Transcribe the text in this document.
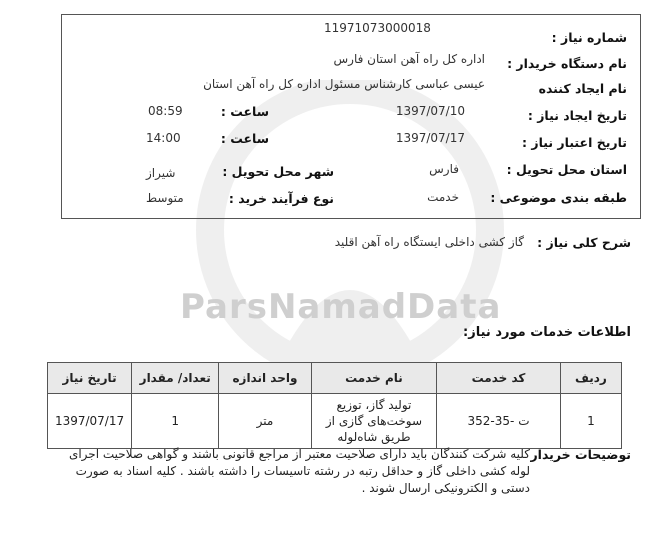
ParsNamadData
شماره نیاز :
11971073000018
نام دستگاه خریدار :
اداره کل راه آهن استان فارس
نام ایجاد کننده
عیسی عباسی کارشناس مسئول اداره کل راه آهن استان
تاریخ ایجاد نیاز :
1397/07/10
ساعت :
08:59
تاریخ اعتبار نیاز :
1397/07/17
ساعت :
14:00
استان محل تحویل :
فارس
شهر محل تحویل :
شیراز
طبقه بندی موضوعی :
خدمت
نوع فرآیند خرید :
متوسط
شرح کلی نیاز :
گاز کشی داخلی ایستگاه راه آهن اقلید
اطلاعات خدمات مورد نیاز:
ردیف	کد خدمت	نام خدمت	واحد اندازه	تعداد/ مقدار	تاریخ نیاز
1	ت -35-352	تولید گاز، توزیع سوخت‌های گازی از طریق شاه‌لوله	متر	1	1397/07/17
توضیحات خریدار
کلیه شرکت کنندگان باید دارای صلاحیت معتبر از مراجع قانونی باشند و گواهی صلاحیت اجرای لوله کشی داخلی گاز و حداقل رتبه در رشته تاسیسات را داشته باشند . کلیه اسناد به صورت دستی و الکترونیکی ارسال شوند .
